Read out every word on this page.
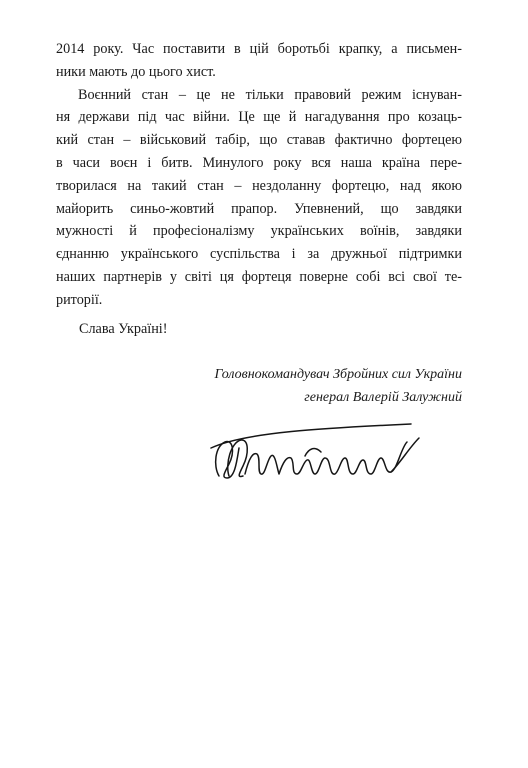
2014 року. Час поставити в цій боротьбі крапку, а письмен-
ники мають до цього хист.
Воєнний стан – це не тільки правовий режим існуван-
ня держави під час війни. Це ще й нагадування про козаць-
кий стан – військовий табір, що ставав фактично фортецею
в часи воєн і битв. Минулого року вся наша країна пере-
творилася на такий стан – нездоланну фортецю, над якою
майорить синьо-жовтий прапор. Упевнений, що завдяки
мужності й професіоналізму українських воїнів, завдяки
єднанню українського суспільства і за дружньої підтримки
наших партнерів у світі ця фортеця поверне собі всі свої те-
риторії.
Слава Україні!
Головнокомандувач Збройних сил України
генерал Валерій Залужний
